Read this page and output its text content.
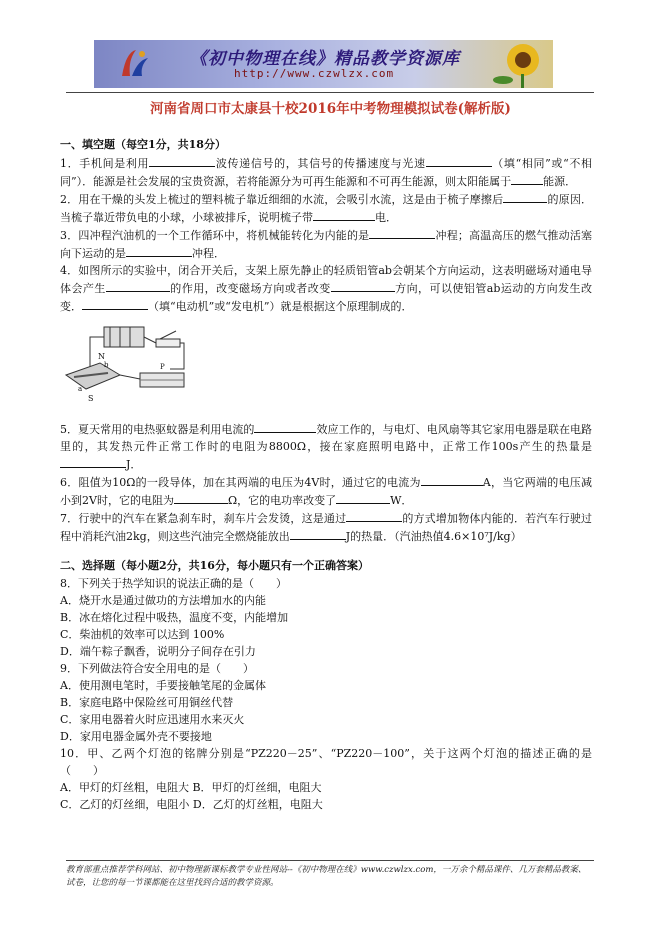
《初中物理在线》精品教学资源库
http://www.czwlzx.com
河南省周口市太康县十校2016年中考物理模拟试卷(解析版)
一、填空题（每空1分，共18分）

1．手机间是利用	波传递信号的，其信号的传播速度与光速	（填“相同”或“不相同”）．能源是社会发展的宝贵资源，若将能源分为可再生能源和不可再生能源，则太阳能属于	能源．

2．用在干燥的头发上梳过的塑料梳子靠近细细的水流，会吸引水流，这是由于梳子摩擦后	的原因．当梳子靠近带负电的小球，小球被排斥，说明梳子带	电．

3．四冲程汽油机的一个工作循环中，将机械能转化为内能的是	冲程；高温高压的燃气推动活塞向下运动的是	冲程．

4．如图所示的实验中，闭合开关后，支架上原先静止的轻质铝管ab会朝某个方向运动，这表明磁场对通电导体会产生	的作用，改变磁场方向或者改变	方向，可以使铝管ab运动的方向发生改变．	（填“电动机”或“发电机”）就是根据这个原理制成的．

N
b
a
S
P

5．夏天常用的电热驱蚊器是利用电流的	效应工作的，与电灯、电风扇等其它家用电器是联在电路里的，其发热元件正常工作时的电阻为8800Ω，接在家庭照明电路中，正常工作100s产生的热量是J．

6．阻值为10Ω的一段导体，加在其两端的电压为4V时，通过它的电流为	A，当它两端的电压减小到2V时，它的电阻为	Ω，它的电功率改变了	W．

7．行驶中的汽车在紧急刹车时，刹车片会发烫，这是通过	的方式增加物体内能的．若汽车行驶过程中消耗汽油2kg，则这些汽油完全燃烧能放出	J的热量．（汽油热值4.6×10⁷J/kg）

二、选择题（每小题2分，共16分，每小题只有一个正确答案）

8．下列关于热学知识的说法正确的是（　　）

A．烧开水是通过做功的方法增加水的内能

B．冰在熔化过程中吸热，温度不变，内能增加

C．柴油机的效率可以达到 100%

D．端午粽子飘香，说明分子间存在引力

9．下列做法符合安全用电的是（　　）

A．使用测电笔时，手要接触笔尾的金属体

B．家庭电路中保险丝可用铜丝代替

C．家用电器着火时应迅速用水来灭火

D．家用电器金属外壳不要接地

10．甲、乙两个灯泡的铭牌分别是“PZ220－25”、“PZ220－100”，关于这两个灯泡的描述正确的是（　　）

A．甲灯的灯丝粗，电阻大 B．甲灯的灯丝细，电阻大

C．乙灯的灯丝细，电阻小 D．乙灯的灯丝粗，电阻大

教育部重点推荐学科网站、初中物理新课标教学专业性网站--《初中物理在线》www.czwlzx.com，一万余个精品课件、几万套精品教案、试卷，让您的每一节课都能在这里找到合适的教学资源。
